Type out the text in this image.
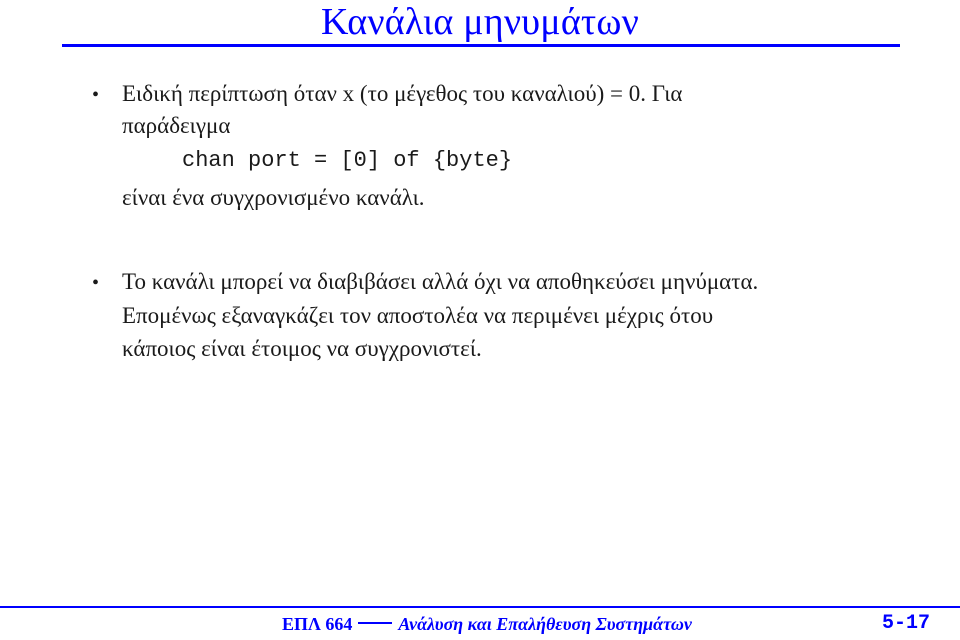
Κανάλια μηνυμάτων
• Ειδική περίπτωση όταν x (το μέγεθος του καναλιού) = 0. Για
παράδειγμα
chan port = [0] of {byte}
είναι ένα συγχρονισμένο κανάλι.
• Το κανάλι μπορεί να διαβιβάσει αλλά όχι να αποθηκεύσει μηνύματα.
Επομένως εξαναγκάζει τον αποστολέα να περιμένει μέχρις ότου
κάποιος είναι έτοιμος να συγχρονιστεί.
ΕΠΛ 664	Ανάλυση και Επαλήθευση Συστημάτων	5-17
